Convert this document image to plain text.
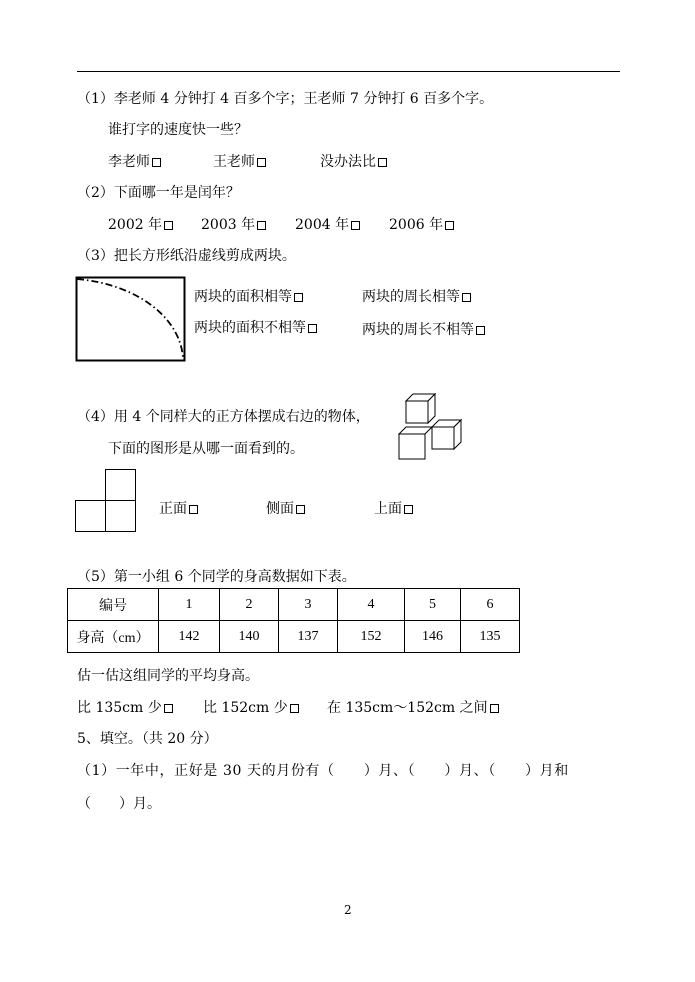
（1）李老师 4 分钟打 4 百多个字；王老师 7 分钟打 6 百多个字。
谁打字的速度快一些？
李老师	王老师	没办法比
（2）下面哪一年是闰年？
2002 年	2003 年	2004 年	2006 年
（3）把长方形纸沿虚线剪成两块。
两块的面积相等	两块的周长相等
两块的面积不相等	两块的周长不相等
（4）用 4 个同样大的正方体摆成右边的物体，
下面的图形是从哪一面看到的。
正面	侧面	上面
（5）第一小组 6 个同学的身高数据如下表。
编号	1	2	3	4	5	6
身高（cm）	142	140	137	152	146	135
估一估这组同学的平均身高。
比 135cm 少	比 152cm 少	在 135cm～152cm 之间
5、填空。（共 20 分）
（1）一年中，正好是 30 天的月份有（　　）月、（　　）月、（　　）月和
（　　）月。
2
